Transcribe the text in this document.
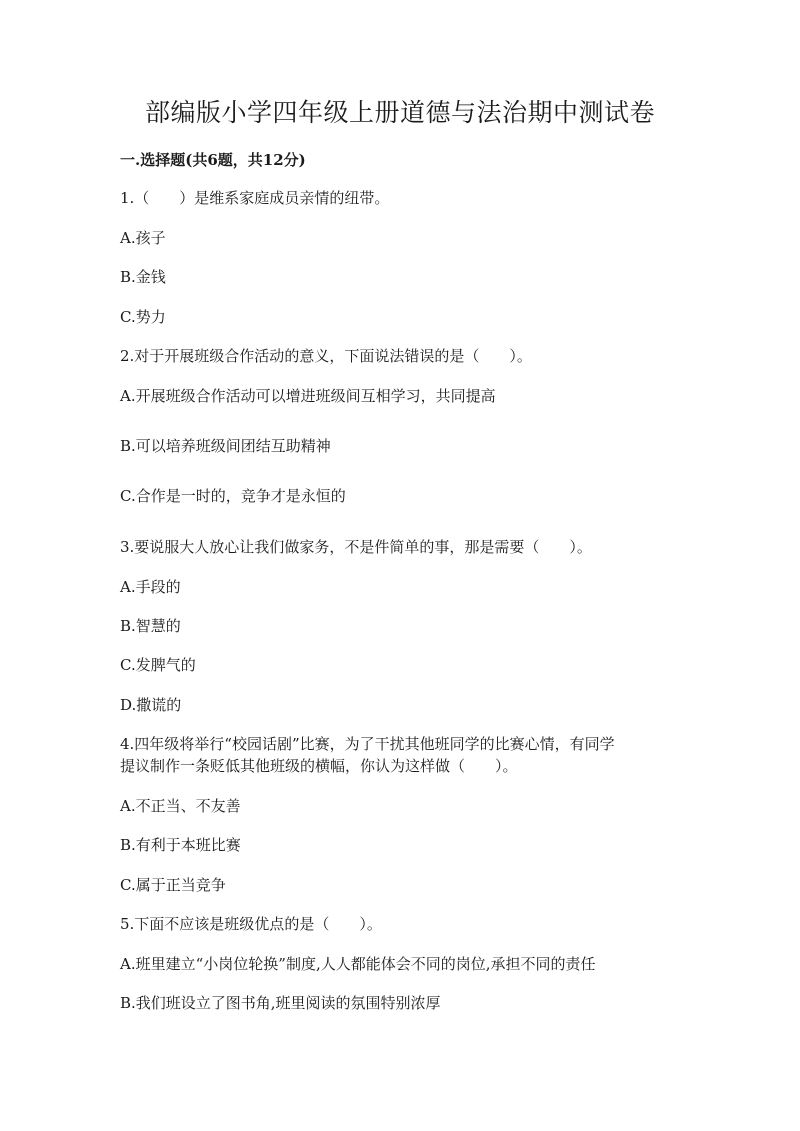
部编版小学四年级上册道德与法治期中测试卷
一.选择题(共6题，共12分)
1.（　　）是维系家庭成员亲情的纽带。
A.孩子
B.金钱
C.势力
2.对于开展班级合作活动的意义，下面说法错误的是（　　）。
A.开展班级合作活动可以增进班级间互相学习，共同提高
B.可以培养班级间团结互助精神
C.合作是一时的，竞争才是永恒的
3.要说服大人放心让我们做家务，不是件简单的事，那是需要（　　）。
A.手段的
B.智慧的
C.发脾气的
D.撒谎的
4.四年级将举行“校园话剧”比赛，为了干扰其他班同学的比赛心情，有同学
提议制作一条贬低其他班级的横幅，你认为这样做（　　）。
A.不正当、不友善
B.有利于本班比赛
C.属于正当竞争
5.下面不应该是班级优点的是（　　）。
A.班里建立“小岗位轮换”制度,人人都能体会不同的岗位,承担不同的责任
B.我们班设立了图书角,班里阅读的氛围特别浓厚
